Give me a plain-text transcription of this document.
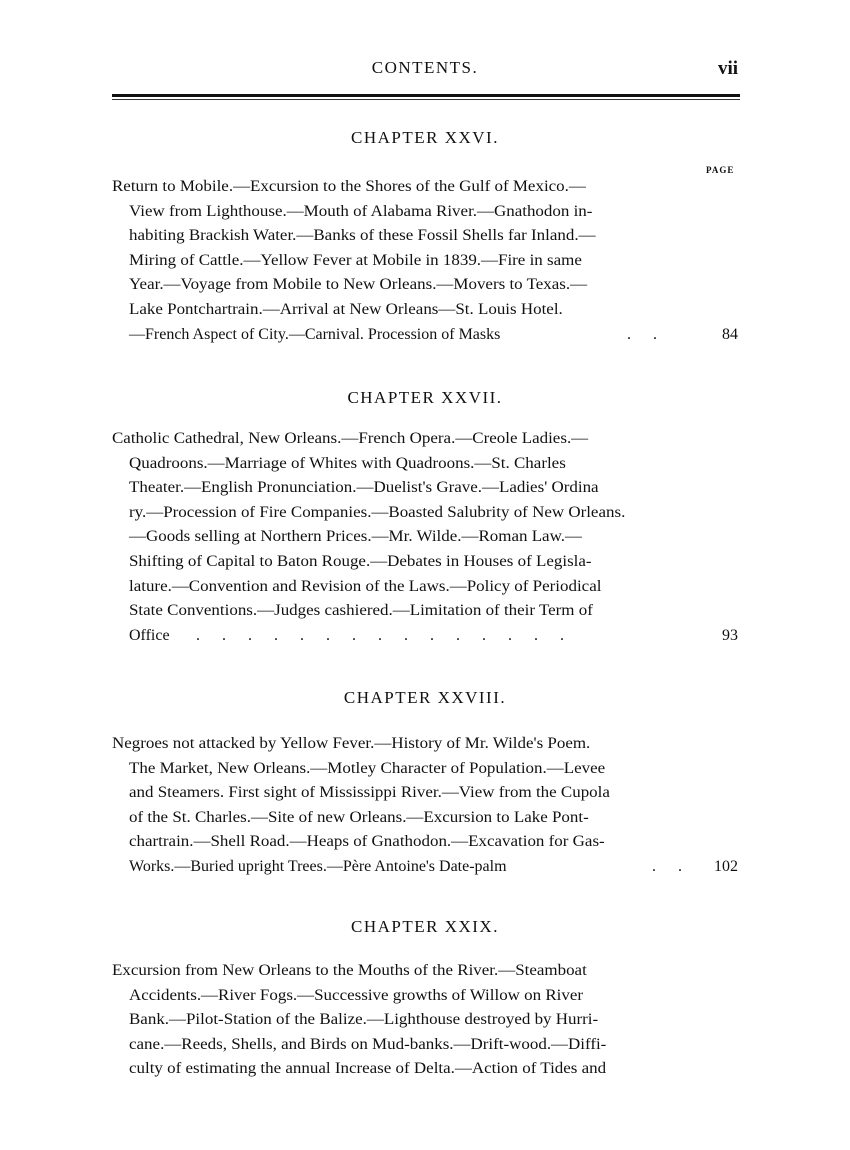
CONTENTS.	vii
CHAPTER XXVI.
PAGE
Return to Mobile.—Excursion to the Shores of the Gulf of Mexico.—
View from Lighthouse.—Mouth of Alabama River.—Gnathodon in-
habiting Brackish Water.—Banks of these Fossil Shells far Inland.—
Miring of Cattle.—Yellow Fever at Mobile in 1839.—Fire in same
Year.—Voyage from Mobile to New Orleans.—Movers to Texas.—
Lake Pontchartrain.—Arrival at New Orleans—St. Louis Hotel.
—French Aspect of City.—Carnival. Procession of Masks	. .	84
CHAPTER XXVII.
Catholic Cathedral, New Orleans.—French Opera.—Creole Ladies.—
Quadroons.—Marriage of Whites with Quadroons.—St. Charles
Theater.—English Pronunciation.—Duelist's Grave.—Ladies' Ordina
ry.—Procession of Fire Companies.—Boasted Salubrity of New Orleans.
—Goods selling at Northern Prices.—Mr. Wilde.—Roman Law.—
Shifting of Capital to Baton Rouge.—Debates in Houses of Legisla-
lature.—Convention and Revision of the Laws.—Policy of Periodical
State Conventions.—Judges cashiered.—Limitation of their Term of
Office . . . . . . . . . . . . . . .	93
CHAPTER XXVIII.
Negroes not attacked by Yellow Fever.—History of Mr. Wilde's Poem.
The Market, New Orleans.—Motley Character of Population.—Levee
and Steamers. First sight of Mississippi River.—View from the Cupola
of the St. Charles.—Site of new Orleans.—Excursion to Lake Pont-
chartrain.—Shell Road.—Heaps of Gnathodon.—Excavation for Gas-
Works.—Buried upright Trees.—Père Antoine's Date-palm	. . 102
CHAPTER XXIX.
Excursion from New Orleans to the Mouths of the River.—Steamboat
Accidents.—River Fogs.—Successive growths of Willow on River
Bank.—Pilot-Station of the Balize.—Lighthouse destroyed by Hurri-
cane.—Reeds, Shells, and Birds on Mud-banks.—Drift-wood.—Diffi-
culty of estimating the annual Increase of Delta.—Action of Tides and
